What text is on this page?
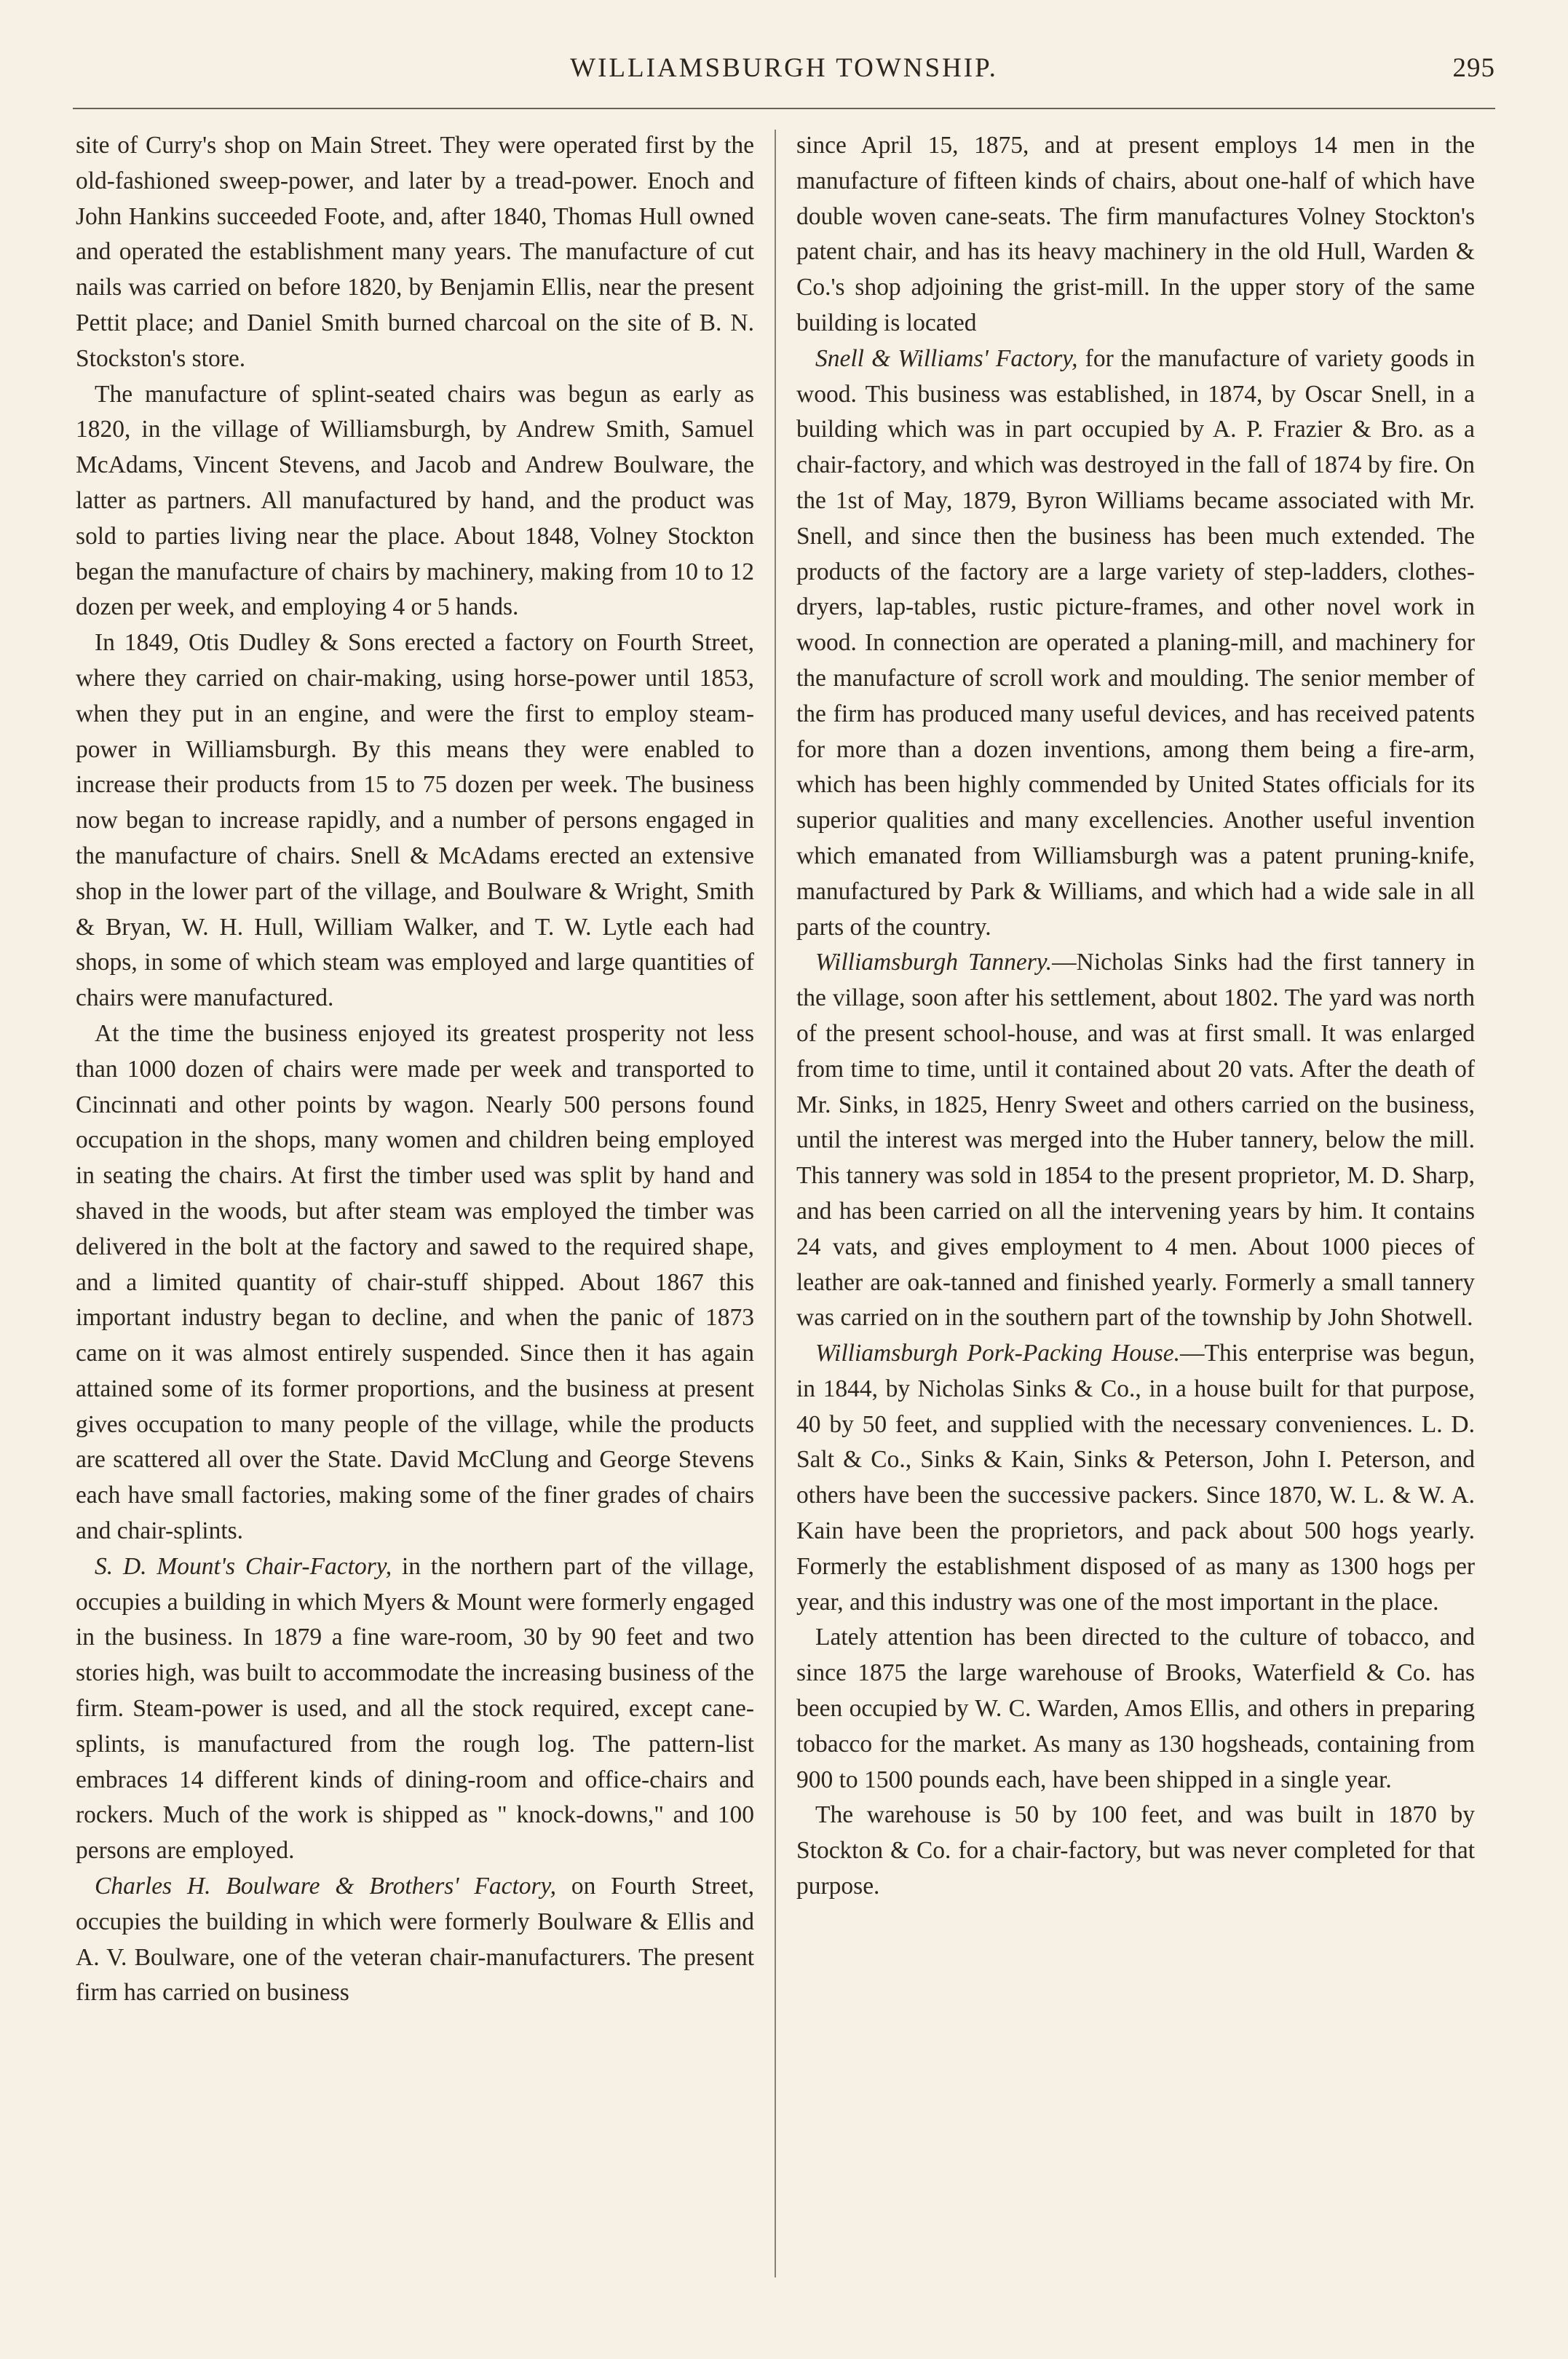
WILLIAMSBURGH TOWNSHIP.	295

site of Curry's shop on Main Street. They were operated first by the old-fashioned sweep-power, and later by a tread-power. Enoch and John Hankins succeeded Foote, and, after 1840, Thomas Hull owned and operated the establishment many years. The manufacture of cut nails was carried on before 1820, by Benjamin Ellis, near the present Pettit place; and Daniel Smith burned charcoal on the site of B. N. Stockston's store.

The manufacture of splint-seated chairs was begun as early as 1820, in the village of Williamsburgh, by Andrew Smith, Samuel McAdams, Vincent Stevens, and Jacob and Andrew Boulware, the latter as partners. All manufactured by hand, and the product was sold to parties living near the place. About 1848, Volney Stockton began the manufacture of chairs by machinery, making from 10 to 12 dozen per week, and employing 4 or 5 hands.

In 1849, Otis Dudley & Sons erected a factory on Fourth Street, where they carried on chair-making, using horse-power until 1853, when they put in an engine, and were the first to employ steam-power in Williamsburgh. By this means they were enabled to increase their products from 15 to 75 dozen per week. The business now began to increase rapidly, and a number of persons engaged in the manufacture of chairs. Snell & McAdams erected an extensive shop in the lower part of the village, and Boulware & Wright, Smith & Bryan, W. H. Hull, William Walker, and T. W. Lytle each had shops, in some of which steam was employed and large quantities of chairs were manufactured.

At the time the business enjoyed its greatest prosperity not less than 1000 dozen of chairs were made per week and transported to Cincinnati and other points by wagon. Nearly 500 persons found occupation in the shops, many women and children being employed in seating the chairs. At first the timber used was split by hand and shaved in the woods, but after steam was employed the timber was delivered in the bolt at the factory and sawed to the required shape, and a limited quantity of chair-stuff shipped. About 1867 this important industry began to decline, and when the panic of 1873 came on it was almost entirely suspended. Since then it has again attained some of its former proportions, and the business at present gives occupation to many people of the village, while the products are scattered all over the State. David McClung and George Stevens each have small factories, making some of the finer grades of chairs and chair-splints.

S. D. Mount's Chair-Factory, in the northern part of the village, occupies a building in which Myers & Mount were formerly engaged in the business. In 1879 a fine ware-room, 30 by 90 feet and two stories high, was built to accommodate the increasing business of the firm. Steam-power is used, and all the stock required, except cane-splints, is manufactured from the rough log. The pattern-list embraces 14 different kinds of dining-room and office-chairs and rockers. Much of the work is shipped as " knock-downs," and 100 persons are employed.

Charles H. Boulware & Brothers' Factory, on Fourth Street, occupies the building in which were formerly Boulware & Ellis and A. V. Boulware, one of the veteran chair-manufacturers. The present firm has carried on business

since April 15, 1875, and at present employs 14 men in the manufacture of fifteen kinds of chairs, about one-half of which have double woven cane-seats. The firm manufactures Volney Stockton's patent chair, and has its heavy machinery in the old Hull, Warden & Co.'s shop adjoining the grist-mill. In the upper story of the same building is located

Snell & Williams' Factory, for the manufacture of variety goods in wood. This business was established, in 1874, by Oscar Snell, in a building which was in part occupied by A. P. Frazier & Bro. as a chair-factory, and which was destroyed in the fall of 1874 by fire. On the 1st of May, 1879, Byron Williams became associated with Mr. Snell, and since then the business has been much extended. The products of the factory are a large variety of step-ladders, clothes-dryers, lap-tables, rustic picture-frames, and other novel work in wood. In connection are operated a planing-mill, and machinery for the manufacture of scroll work and moulding. The senior member of the firm has produced many useful devices, and has received patents for more than a dozen inventions, among them being a fire-arm, which has been highly commended by United States officials for its superior qualities and many excellencies. Another useful invention which emanated from Williamsburgh was a patent pruning-knife, manufactured by Park & Williams, and which had a wide sale in all parts of the country.

Williamsburgh Tannery.—Nicholas Sinks had the first tannery in the village, soon after his settlement, about 1802. The yard was north of the present school-house, and was at first small. It was enlarged from time to time, until it contained about 20 vats. After the death of Mr. Sinks, in 1825, Henry Sweet and others carried on the business, until the interest was merged into the Huber tannery, below the mill. This tannery was sold in 1854 to the present proprietor, M. D. Sharp, and has been carried on all the intervening years by him. It contains 24 vats, and gives employment to 4 men. About 1000 pieces of leather are oak-tanned and finished yearly. Formerly a small tannery was carried on in the southern part of the township by John Shotwell.

Williamsburgh Pork-Packing House.—This enterprise was begun, in 1844, by Nicholas Sinks & Co., in a house built for that purpose, 40 by 50 feet, and supplied with the necessary conveniences. L. D. Salt & Co., Sinks & Kain, Sinks & Peterson, John I. Peterson, and others have been the successive packers. Since 1870, W. L. & W. A. Kain have been the proprietors, and pack about 500 hogs yearly. Formerly the establishment disposed of as many as 1300 hogs per year, and this industry was one of the most important in the place.

Lately attention has been directed to the culture of tobacco, and since 1875 the large warehouse of Brooks, Waterfield & Co. has been occupied by W. C. Warden, Amos Ellis, and others in preparing tobacco for the market. As many as 130 hogsheads, containing from 900 to 1500 pounds each, have been shipped in a single year.

The warehouse is 50 by 100 feet, and was built in 1870 by Stockton & Co. for a chair-factory, but was never completed for that purpose.
